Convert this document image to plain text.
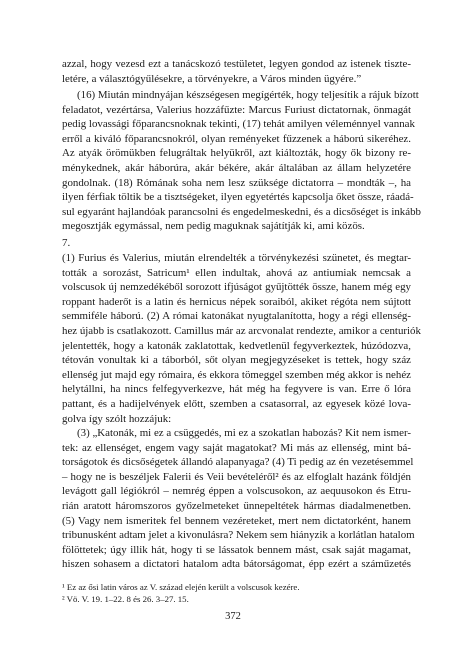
azzal, hogy vezesd ezt a tanácskozó testületet, legyen gondod az istenek tiszte-
letére, a választógyűlésekre, a törvényekre, a Város minden ügyére.”
(16) Miután mindnyájan készségesen megígérték, hogy teljesítik a rájuk bízott
feladatot, vezértársa, Valerius hozzáfűzte: Marcus Furiust dictatornak, önmagát
pedig lovassági főparancsnoknak tekinti, (17) tehát amilyen véleménnyel vannak
erről a kiváló főparancsnokról, olyan reményeket fűzzenek a háború sikeréhez.
Az atyák örömükben felugráltak helyükről, azt kiáltozták, hogy ők bizony re-
ménykednek, akár háborúra, akár békére, akár általában az állam helyzetére
gondolnak. (18) Rómának soha nem lesz szüksége dictatorra – mondták –, ha
ilyen férfiak töltik be a tisztségeket, ilyen egyetértés kapcsolja őket össze, ráadá-
sul egyaránt hajlandóak parancsolni és engedelmeskedni, és a dicsőséget is inkább
megosztják egymással, nem pedig maguknak sajátítják ki, ami közös.
7.
(1) Furius és Valerius, miután elrendelték a törvénykezési szünetet, és megtar-
tották a sorozást, Satricum¹ ellen indultak, ahová az antiumiak nemcsak a
volscusok új nemzedékéből sorozott ifjúságot gyűjtötték össze, hanem még egy
roppant haderőt is a latin és hernicus népek soraiból, akiket régóta nem sújtott
semmiféle háború. (2) A római katonákat nyugtalanította, hogy a régi ellenség-
hez újabb is csatlakozott. Camillus már az arcvonalat rendezte, amikor a centuriók
jelentették, hogy a katonák zaklatottak, kedvetlenül fegyverkeztek, húzódozva,
tétován vonultak ki a táborból, sőt olyan megjegyzéseket is tettek, hogy száz
ellenség jut majd egy rómaira, és ekkora tömeggel szemben még akkor is nehéz
helytállni, ha nincs felfegyverkezve, hát még ha fegyvere is van. Erre ő lóra
pattant, és a hadijelvények előtt, szemben a csatasorral, az egyesek közé lova-
golva így szólt hozzájuk:
(3) „Katonák, mi ez a csüggedés, mi ez a szokatlan habozás? Kit nem ismer-
tek: az ellenséget, engem vagy saját magatokat? Mi más az ellenség, mint bá-
torságotok és dicsőségetek állandó alapanyaga? (4) Ti pedig az én vezetésemmel
– hogy ne is beszéljek Falerii és Veii bevételéről² és az elfoglalt hazánk földjén
levágott gall légiókról – nemrég éppen a volscusokon, az aequusokon és Etru-
rián aratott háromszoros győzelmeteket ünnepeltétek hármas diadalmenetben.
(5) Vagy nem ismeritek fel bennem vezéreteket, mert nem dictatorként, hanem
tribunusként adtam jelet a kivonulásra? Nekem sem hiányzik a korlátlan hatalom
fölöttetek; úgy illik hát, hogy ti se lássatok bennem mást, csak saját magamat,
hiszen sohasem a dictatori hatalom adta bátorságomat, épp ezért a száműzetés
¹ Ez az ősi latin város az V. század elején került a volscusok kezére.
² Vö. V. 19. 1–22. 8 és 26. 3–27. 15.
372
